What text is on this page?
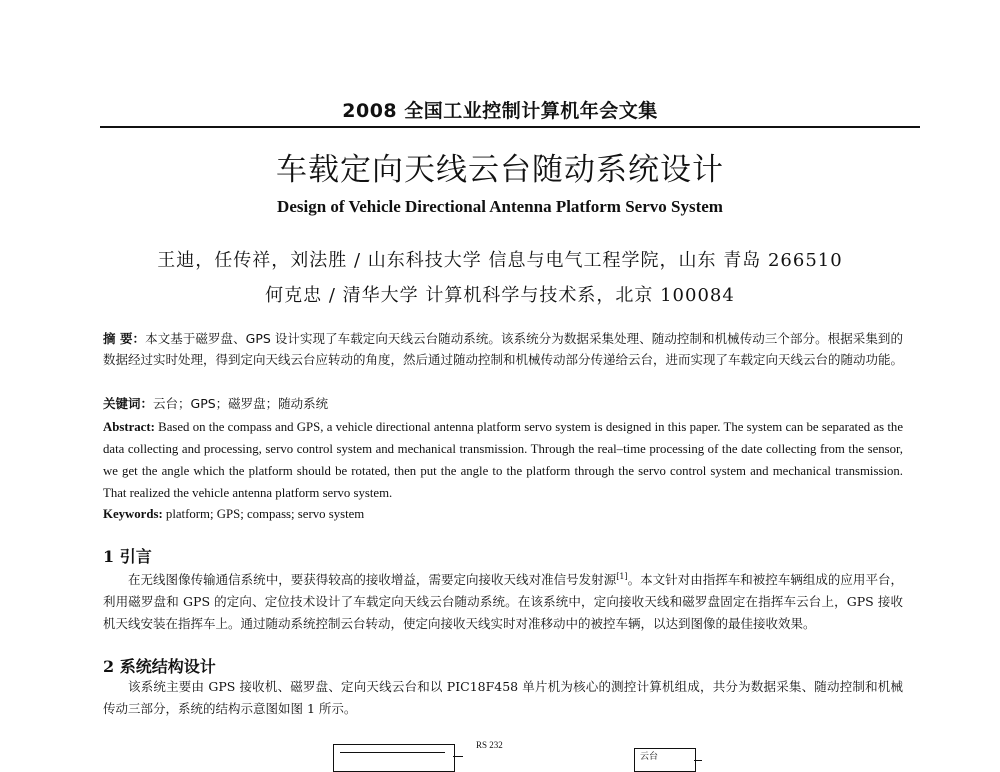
2008 全国工业控制计算机年会文集
车载定向天线云台随动系统设计
Design of Vehicle Directional Antenna Platform Servo System
王迪，任传祥，刘法胜 / 山东科技大学 信息与电气工程学院，山东 青岛 266510
何克忠 / 清华大学 计算机科学与技术系，北京 100084
摘 要：本文基于磁罗盘、GPS 设计实现了车载定向天线云台随动系统。该系统分为数据采集处理、随动控制和机械传动三个部分。根据采集到的数据经过实时处理，得到定向天线云台应转动的角度，然后通过随动控制和机械传动部分传递给云台，进而实现了车载定向天线云台的随动功能。
关键词：云台；GPS；磁罗盘；随动系统
Abstract: Based on the compass and GPS, a vehicle directional antenna platform servo system is designed in this paper. The system can be separated as the data collecting and processing, servo control system and mechanical transmission. Through the real–time processing of the date collecting from the sensor, we get the angle which the platform should be rotated, then put the angle to the platform through the servo control system and mechanical transmission. That realized the vehicle antenna platform servo system.
Keywords: platform; GPS; compass; servo system
1 引言
在无线图像传输通信系统中，要获得较高的接收增益，需要定向接收天线对准信号发射源[1]。本文针对由指挥车和被控车辆组成的应用平台，利用磁罗盘和 GPS 的定向、定位技术设计了车载定向天线云台随动系统。在该系统中，定向接收天线和磁罗盘固定在指挥车云台上，GPS 接收机天线安装在指挥车上。通过随动系统控制云台转动，使定向接收天线实时对准移动中的被控车辆，以达到图像的最佳接收效果。
2 系统结构设计
该系统主要由 GPS 接收机、磁罗盘、定向天线云台和以 PIC18F458 单片机为核心的测控计算机组成，共分为数据采集、随动控制和机械传动三部分，系统的结构示意图如图 1 所示。
RS 232
云台
